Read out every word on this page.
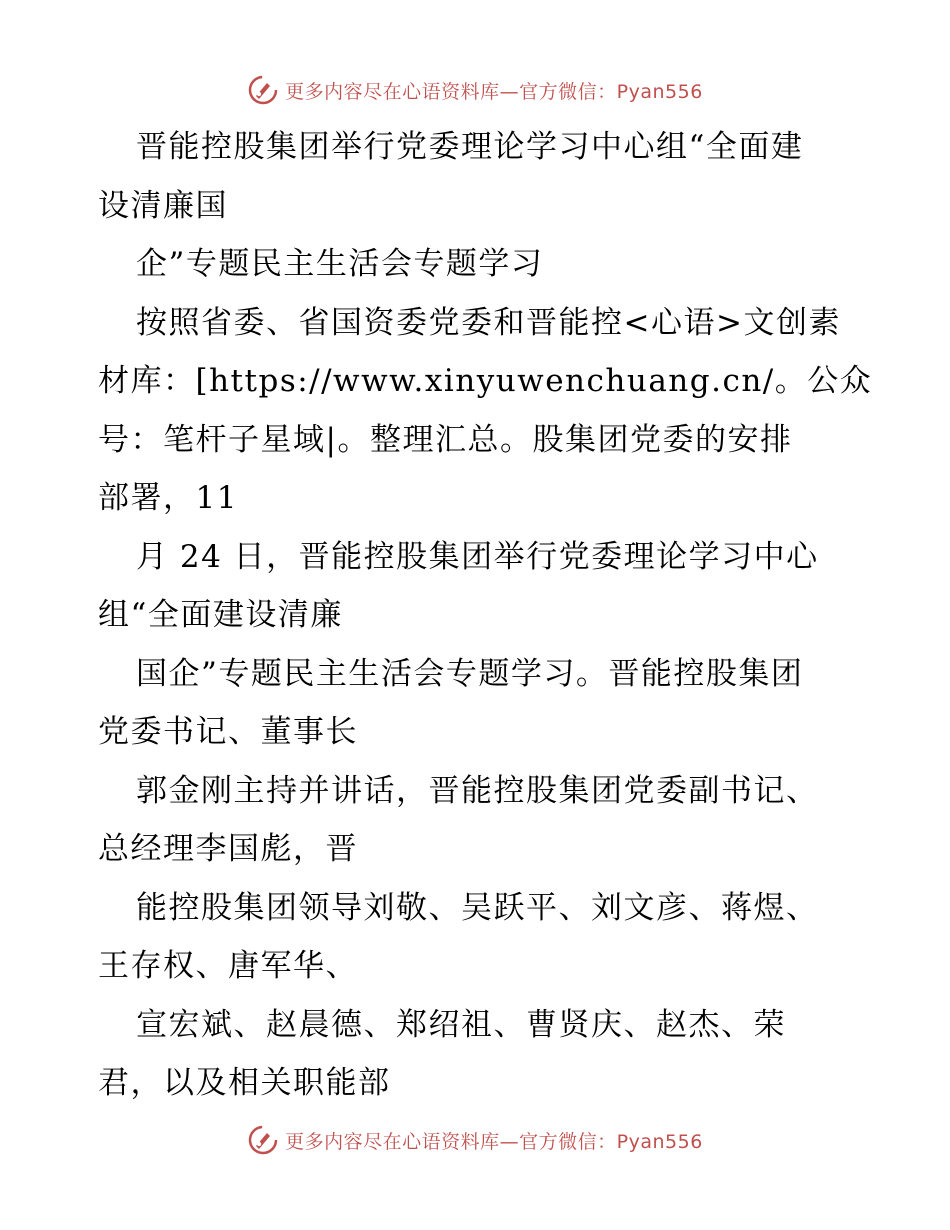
更多内容尽在心语资料库—官方微信：Pyan556
晋能控股集团举行党委理论学习中心组“全面建
设清廉国
企”专题民主生活会专题学习
按照省委、省国资委党委和晋能控<心语>文创素
材库：[https://www.xinyuwenchuang.cn/。公众
号：笔杆子星域|。整理汇总。股集团党委的安排
部署，11
月 24 日，晋能控股集团举行党委理论学习中心
组“全面建设清廉
国企”专题民主生活会专题学习。晋能控股集团
党委书记、董事长
郭金刚主持并讲话，晋能控股集团党委副书记、
总经理李国彪，晋
能控股集团领导刘敬、吴跃平、刘文彦、蒋煜、
王存权、唐军华、
宣宏斌、赵晨德、郑绍祖、曹贤庆、赵杰、荣
君，以及相关职能部
更多内容尽在心语资料库—官方微信：Pyan556
